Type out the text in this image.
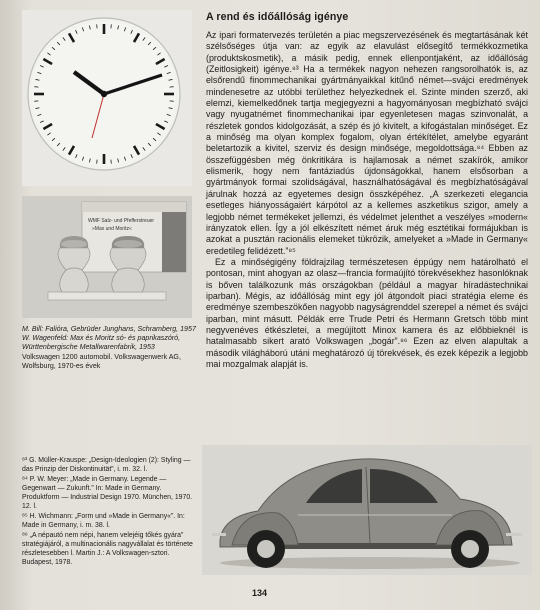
WMF Salz- und Pfefferstreuer
»Max und Moritz«

M. Bill: Falióra, Gebrüder Junghans, Schramberg, 1957

W. Wagenfeld: Max és Moritz só- és paprikaszóró, Württenbergische Metallwarenfabrik, 1953

Volkswagen 1200 automobil. Volkswagenwerk AG, Wolfsburg, 1970-es évek

⁸³ G. Müller-Krauspe: „Design-Ideologien (2): Styling — das Prinzip der Diskontinuität”, i. m. 32. l.

⁸⁴ P. W. Meyer: „Made in Germany. Legende — Gegenwart — Zukunft.” In: Made in Germany. Produktform — Industrial Design 1970. München, 1970. 12. l.

⁸⁵ H. Wichmann: „Form und »Made in Germany«”. In: Made in Germany, i. m. 38. l.

⁸⁶ „A népautó nem népi, hanem velejéig tőkés gyára” stratégiájáról, a multinacionális nagyvállalat és története részletesebben l. Martin J.: A Volkswagen-sztori. Budapest, 1978.

A rend és időállóság igénye

Az ipari formatervezés területén a piac megszervezésének és megtartásának két szélsőséges útja van: az egyik az elavulást elősegítő termékkozmetika (produktskosmetik), a másik pedig, ennek ellenpontjaként, az időállóság (Zeitlosigkeit) igénye.⁸³ Ha a termékek nagyon nehezen rangsorolhatók is, az elsőrendű finommechanikai gyártmányaikkal kitűnő német—svájci eredmények mindenesetre az utóbbi területhez helyezkednek el. Szinte minden szerző, aki elemzi, kiemelkedőnek tartja megjegyezni a hagyományosan megbízható svájci vagy nyugatnémet finommechanikai ipar egyenletesen magas szinvonalát, a részletek gondos kidolgozását, a szép és jó kivitelt, a kifogástalan minőséget. Ez a minőség ma olyan komplex fogalom, olyan értékítélet, amelybe egyaránt beletartozik a kivitel, szerviz és design minősége, megoldottsága.⁸⁴ Ebben az összefüggésben még önkritikára is hajlamosak a német szakírók, amikor elismerik, hogy nem fantáziadús újdonságokkal, hanem elsősorban a gyártmányok formai szolidságával, használhatóságával és megbízhatóságával járulnak hozzá az egyetemes design összképéhez. „A szerkezeti elegancia esetleges hiányosságaiért kárpótol az a kellemes aszketikus szigor, amely a legjobb német termékeket jellemzi, és védelmet jelenthet a veszélyes »modern« irányzatok ellen. Így a jól elkészített német áruk még esztétikai formájukban is azokat a pusztán racionális elemeket tükrözik, amelyeket a »Made in Germany« eredetileg felidézett.”⁸⁵

Ez a minőségigény földrajzilag természetesen éppúgy nem határolható el pontosan, mint ahogyan az olasz—francia formaújító törekvésekhez hasonlóknak is bőven találkozunk más országokban (például a magyar híradástechnikai iparban). Mégis, az időállóság mint egy jól átgondolt piaci stratégia eleme és eredménye szembeszökően nagyobb nagyságrenddel szerepel a német és svájci iparban, mint másutt. Példák erre Trude Petri és Hermann Gretsch több mint negyvenéves étkészletei, a megújított Minox kamera és az előbbieknél is hatalmasabb sikert arató Volkswagen „bogár”.⁸⁶ Ezen az elven alapultak a második világháború utáni meghatározó új törekvések, és ezek képezik a legjobb mai mozgalmak alapját is.

134
